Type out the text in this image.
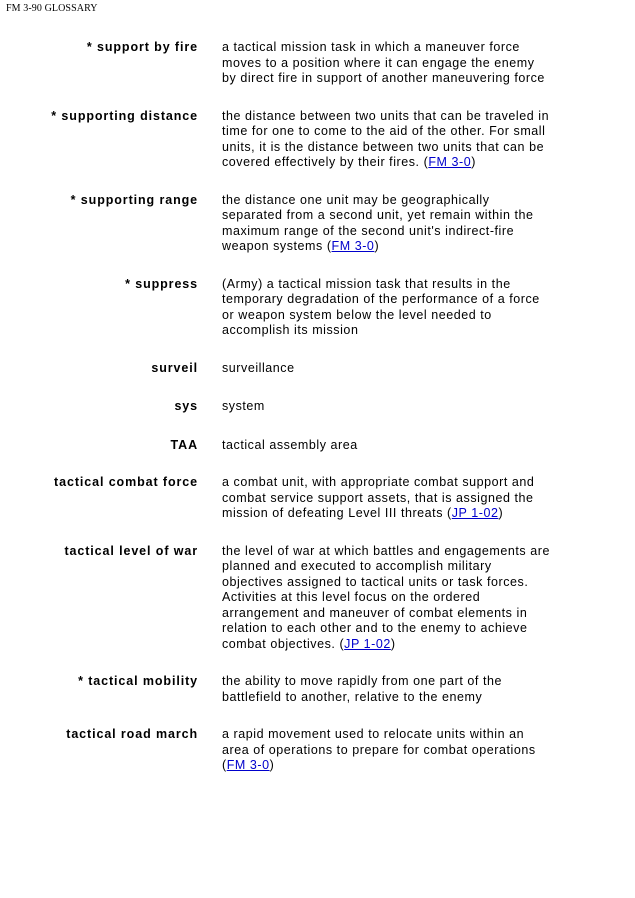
FM 3-90 GLOSSARY
* support by fire a tactical mission task in which a maneuver force moves to a position where it can engage the enemy by direct fire in support of another maneuvering force
* supporting distance the distance between two units that can be traveled in time for one to come to the aid of the other. For small units, it is the distance between two units that can be covered effectively by their fires. (FM 3-0)
* supporting range the distance one unit may be geographically separated from a second unit, yet remain within the maximum range of the second unit's indirect-fire weapon systems (FM 3-0)
* suppress (Army) a tactical mission task that results in the temporary degradation of the performance of a force or weapon system below the level needed to accomplish its mission
surveil surveillance
sys system
TAA tactical assembly area
tactical combat force a combat unit, with appropriate combat support and combat service support assets, that is assigned the mission of defeating Level III threats (JP 1-02)
tactical level of war the level of war at which battles and engagements are planned and executed to accomplish military objectives assigned to tactical units or task forces. Activities at this level focus on the ordered arrangement and maneuver of combat elements in relation to each other and to the enemy to achieve combat objectives. (JP 1-02)
* tactical mobility the ability to move rapidly from one part of the battlefield to another, relative to the enemy
tactical road march a rapid movement used to relocate units within an area of operations to prepare for combat operations (FM 3-0)
